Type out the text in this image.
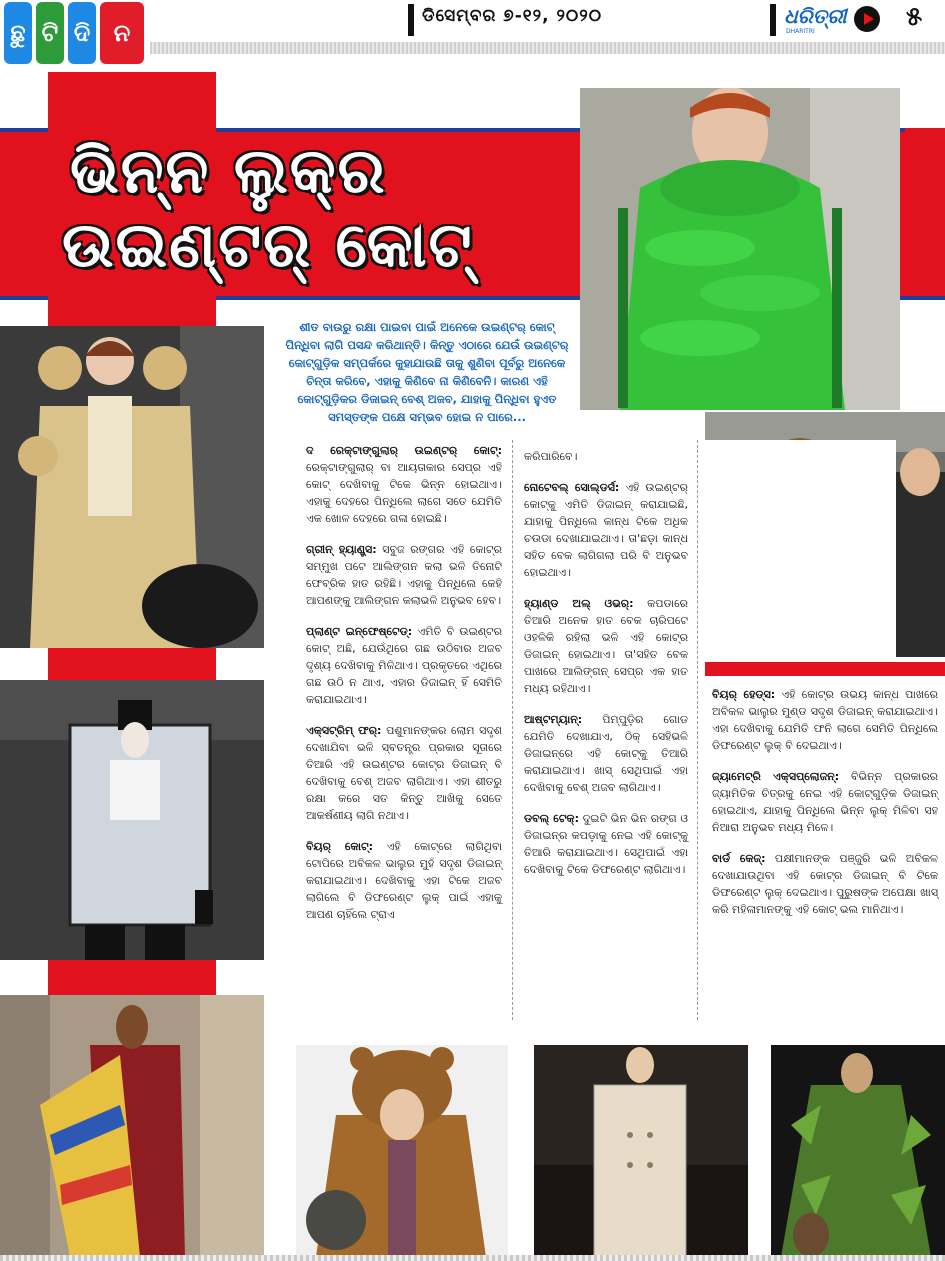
ଛୁ ଟି ଦି ନ
ଡିସେମ୍ବର ୭-୧୨, ୨୦୨୦	ଧରିତ୍ରୀ
DHARITRI	୫
ଭିନ୍ନ ଲୁକ୍‌ର
ଉଇଣ୍ଟର୍ କୋଟ୍
ଶୀତ ବାଉରୁ ରକ୍ଷା ପାଇବା ପାଇଁ ଅନେକେ ଉଇଣ୍ଟର୍ କୋଟ୍ ପିନ୍ଧିବା ଲାଗି ପସନ୍ଦ କରିଥାନ୍ତି। କିନ୍ତୁ ଏଠାରେ ଯେଉଁ ଉଇଣ୍ଟର୍ କୋଟ୍‌ଗୁଡ଼ିକ ସମ୍ପର୍କରେ କୁହାଯାଉଛି ତାକୁ ଶୁଣିବା ପୂର୍ବରୁ ଅନେକେ ଚିନ୍ତା କରିବେ, ଏହାକୁ କିଣିବେ ନା କିଣିବେନି। କାରଣ ଏହି କୋଟ୍‌ଗୁଡ଼ିକର ଡିଜାଇନ୍ ବେଶ୍ ଅଜବ, ଯାହାକୁ ପିନ୍ଧିବା ହୁଏତ ସମସ୍ତଙ୍କ ପକ୍ଷେ ସମ୍ଭବ ହୋଇ ନ ପାରେ...

ଦ ରେକ୍ଟାଙ୍ଗୁଲାର୍ ଉଇଣ୍ଟର୍ କୋଟ୍: ରେକ୍ଟାଙ୍ଗୁଲାର୍ ବା ଆୟତାକାର ସେପ୍‌ର ଏହି କୋଟ୍ ଦେଖିବାକୁ ଟିକେ ଭିନ୍ନ ହୋଇଥାଏ। ଏହାକୁ ଦେହରେ ପିନ୍ଧିଲେ ଲାଗେ ସତେ ଯେମିତି ଏକ ଖୋଳ ଦେହରେ ଗଳା ହୋଇଛି।

ଗ୍ରୀନ୍ ହ୍ୟାଣ୍ଡ୍ସ: ସବୁଜ ରଙ୍ଗର ଏହି କୋଟ୍‌ର ସମ୍ମୁଖ ପଟେ ଆଲିଙ୍ଗନ କଲା ଭଳି ତିନୋଟି ଫେବ୍ରିକ ହାତ ରହିଛି। ଏହାକୁ ପିନ୍ଧିଲେ କେହି ଆପଣଙ୍କୁ ଆଲିଙ୍ଗନ କଲାଭଳି ଅନୁଭବ ହେବ।

ପ୍ଲାଣ୍ଟ ଇନ୍‌ଫେଷ୍ଟେଡ୍: ଏମିତି ବି ଉଇଣ୍ଟର କୋଟ୍ ଅଛି, ଯେଉଁଥିରେ ଗଛ ଉଠିବାର ଅଜବ ଦୃଶ୍ୟ ଦେଖିବାକୁ ମିଳିଥାଏ। ପ୍ରକୃତରେ ଏଥିରେ ଗଛ ଉଠି ନ ଥାଏ, ଏହାର ଡିଜାଇନ୍ ହିଁ ସେମିତି କରାଯାଇଥାଏ।

ଏକ୍ସଟ୍ରିମ୍ ଫର୍: ପଶୁମାନଙ୍କର ଲୋମ ସଦୃଶ ଦେଖାଯିବା ଭଳି ସ୍ବତନ୍ତ୍ର ପ୍ରକାର ସୂତାରେ ତିଆରି ଏହି ଉଇଣ୍ଟର କୋଟ୍‌ର ଡିଜାଇନ୍ ବି ଦେଖିବାକୁ ବେଶ୍ ଅଜବ ଲାଗିଥାଏ। ଏହା ଶୀତରୁ ରକ୍ଷା କରେ ସତ କିନ୍ତୁ ଆଖିକୁ ସେତେ ଆକର୍ଷଣୀୟ ଲାଗି ନଥାଏ।

ବିୟର୍ କୋଟ୍: ଏହି କୋଟ୍‌ରେ ଲାଗିଥିବା ଟୋପିରେ ଅବିକଳ ଭାଲୁର ମୁହଁ ସଦୃଶ ଡିଜାଇନ୍ କରାଯାଇଥାଏ। ଦେଖିବାକୁ ଏହା ଟିକେ ଅଜବ ଲାଗିଲେ ବି ଡିଫରେଣ୍ଟ ଲୁକ୍ ପାଇଁ ଏହାକୁ ଆପଣ ଚାହିଁଲେ ଟ୍ରାଏ

କରିପାରିବେ।

ନୋଟେବଲ୍ ସୋଲ୍ଡର୍ସ: ଏହି ଉଇଣ୍ଟର୍ କୋଟ୍‌କୁ ଏମିତି ଡିଜାଇନ୍ କରାଯାଇଛି, ଯାହାକୁ ପିନ୍ଧିଲେ କାନ୍ଧ ଟିକେ ଅଧିକ ଚଉଡା ଦେଖାଯାଇଥାଏ। ତା'ଛଡ଼ା କାନ୍ଧ ସହିତ ବେକ ଲାଗିଗଲା ପରି ବି ଅନୁଭବ ହୋଇଥାଏ।

ହ୍ୟାଣ୍ଡ ଅଲ୍ ଓଭର୍: କପଡାରେ ତିଆରି ଅନେକ ହାତ ବେକ ଚାରିପଟେ ଓହଳିକି ରହିଲା ଭଳି ଏହି କୋଟ୍‌ର ଡିଜାଇନ୍ ହୋଇଥାଏ। ତା'ସହିତ ବେକ ପାଖରେ ଆଲିଙ୍ଗନ୍ ସେପ୍‌ର ଏକ ହାତ ମଧ୍ୟ ରହିଥାଏ।

ଆଷ୍ଟମ୍ୟାନ୍: ପିମ୍ପୁଡ଼ିର ଗୋଡ ଯେମିତି ଦେଖାଯାଏ, ଠିକ୍ ସେହିଭଳି ଡିଜାଇନ୍‌ରେ ଏହି କୋଟ୍‌କୁ ତିଆରି କରାଯାଇଥାଏ। ଖାସ୍ ସେଥିପାଇଁ ଏହା ଦେଖିବାକୁ ବେଶ୍ ଅଜବ ଲାଗିଥାଏ।

ଡବଲ୍ ଟେକ୍: ଦୁଇଟି ଭିନ ଭିନ ରଙ୍ଗ ଓ ଡିଜାଇନ୍‌ର କପଡ଼ାକୁ ନେଇ ଏହି କୋଟ୍‌କୁ ତିଆରି କରାଯାଇଥାଏ। ସେଥିପାଇଁ ଏହା ଦେଖିବାକୁ ଟିକେ ଡିଫରେଣ୍ଟ ଲାଗିଥାଏ।

ବିୟର୍ ହେଡ୍ସ: ଏହି କୋଟ୍‌ର ଉଭୟ କାନ୍ଧ ପାଖରେ ଅବିକଳ ଭାଲୁର ମୁଣ୍ଡ ସଦୃଶ ଡିଜାଇନ୍ କରାଯାଇଥାଏ। ଏହା ଦେଖିବାକୁ ଯେମିତି ଫନି ଲାଗେ ସେମିତି ପିନ୍ଧିଲେ ଡିଫରେଣ୍ଟ ଲୁକ୍ ବି ଦେଇଥାଏ।

ଜ୍ୟାମେଟ୍ରି ଏକ୍ସପ୍ଲୋଜନ୍: ବିଭିନ୍ନ ପ୍ରକାରର ଜ୍ୟାମିତିକ ଚିତ୍ରକୁ ନେଇ ଏହି କୋଟ୍‌ଗୁଡ଼ିକ ଡିଜାଇନ୍ ହୋଇଥାଏ, ଯାହାକୁ ପିନ୍ଧିଲେ ଭିନ୍ନ ଲୁକ୍ ମିଳିବା ସହ ନିଆରା ଅନୁଭବ ମଧ୍ୟ ମିଳେ।

ବାର୍ଡ କେଜ୍: ପକ୍ଷୀମାନଙ୍କ ପଞ୍ଜୁରି ଭଳି ଅବିକଳ ଦେଖାଯାଉଥିବା ଏହି କୋଟ୍‌ର ଡିଜାଇନ୍ ବି ଟିକେ ଡିଫରେଣ୍ଟ ଲୁକ୍ ଦେଇଥାଏ। ପୁରୁଷଙ୍କ ଅପେକ୍ଷା ଖାସ୍ କରି ମହିଳାମାନଙ୍କୁ ଏହି କୋଟ୍ ଭଲ ମାନିଥାଏ।
